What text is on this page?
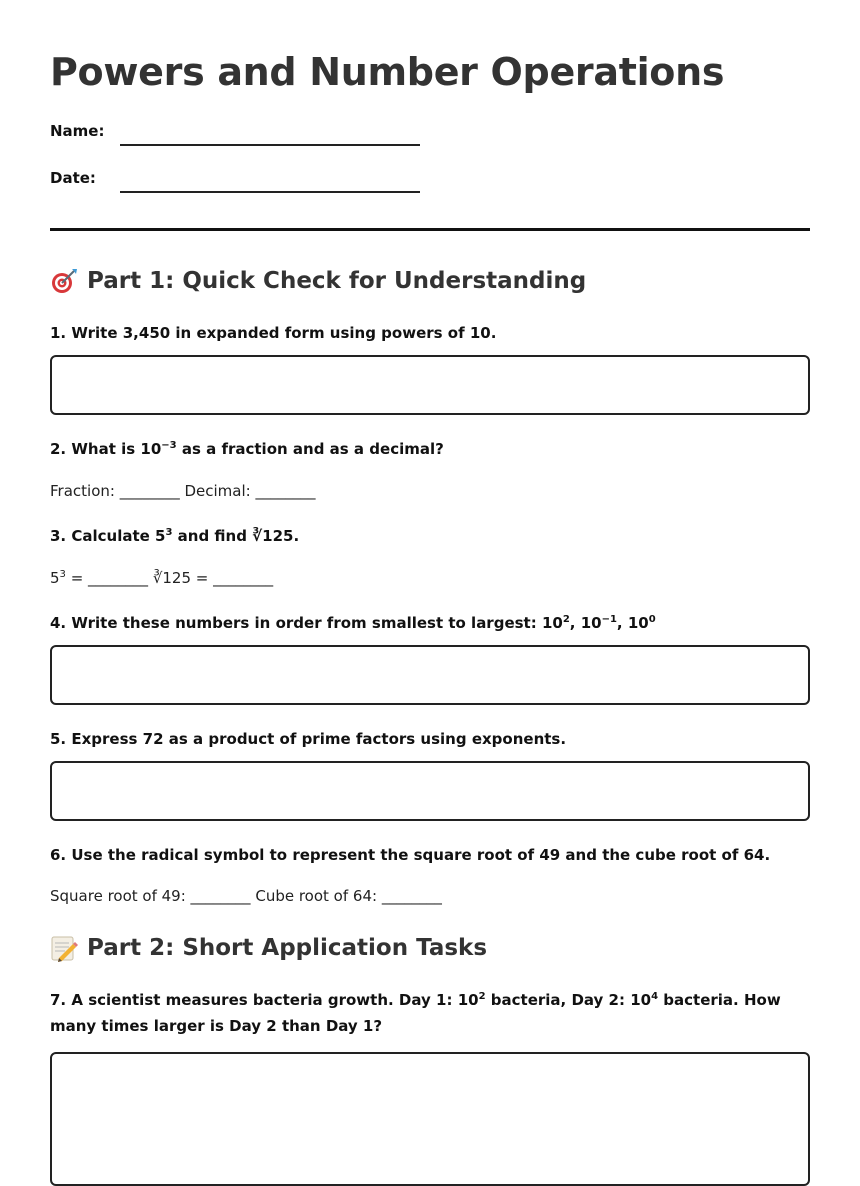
Powers and Number Operations
Name:
Date:
Part 1: Quick Check for Understanding
1. Write 3,450 in expanded form using powers of 10.
2. What is $10^{-3}$ as a fraction and as a decimal?
Fraction: ________ Decimal: ________
3. Calculate $5^3$ and find ∛125.
$5^3$ = ________ ∛125 = ________
4. Write these numbers in order from smallest to largest: $10^2$, $10^{-1}$, $10^0$
5. Express 72 as a product of prime factors using exponents.
6. Use the radical symbol to represent the square root of 49 and the cube root of 64.
Square root of 49: ________ Cube root of 64: ________
Part 2: Short Application Tasks
7. A scientist measures bacteria growth. Day 1: $10^2$ bacteria, Day 2: $10^4$ bacteria. How many times larger is Day 2 than Day 1?
